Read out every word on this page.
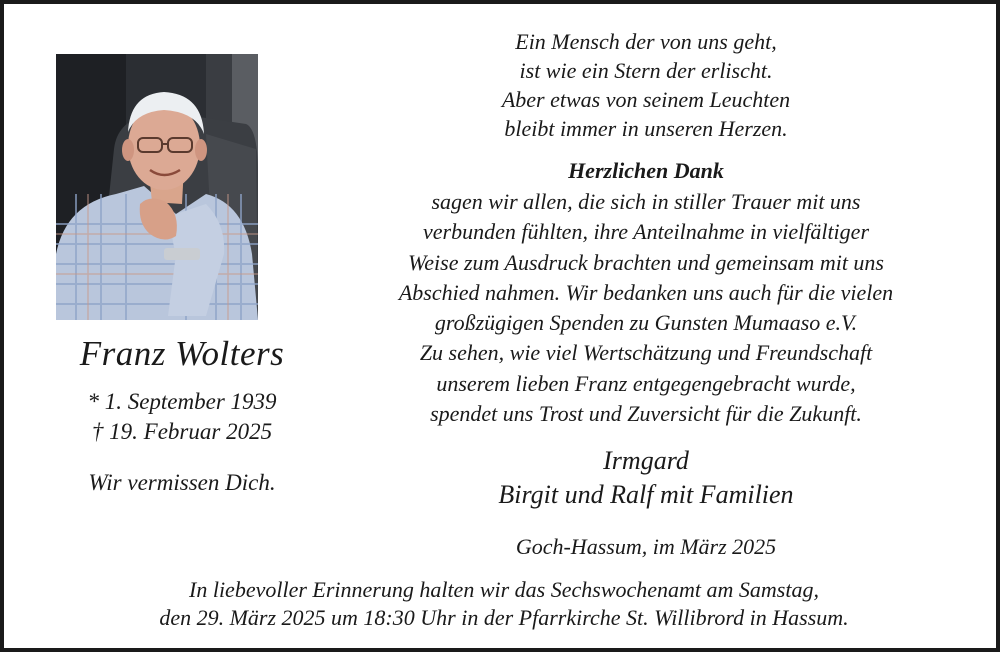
Franz Wolters
* 1. September 1939
† 19. Februar 2025
Wir vermissen Dich.
Ein Mensch der von uns geht,
ist wie ein Stern der erlischt.
Aber etwas von seinem Leuchten
bleibt immer in unseren Herzen.
Herzlichen Dank
sagen wir allen, die sich in stiller Trauer mit uns
verbunden fühlten, ihre Anteilnahme in vielfältiger
Weise zum Ausdruck brachten und gemeinsam mit uns
Abschied nahmen. Wir bedanken uns auch für die vielen
großzügigen Spenden zu Gunsten Mumaaso e.V.
Zu sehen, wie viel Wertschätzung und Freundschaft
unserem lieben Franz entgegengebracht wurde,
spendet uns Trost und Zuversicht für die Zukunft.
Irmgard
Birgit und Ralf mit Familien
Goch-Hassum, im März 2025
In liebevoller Erinnerung halten wir das Sechswochenamt am Samstag,
den 29. März 2025 um 18:30 Uhr in der Pfarrkirche St. Willibrord in Hassum.
